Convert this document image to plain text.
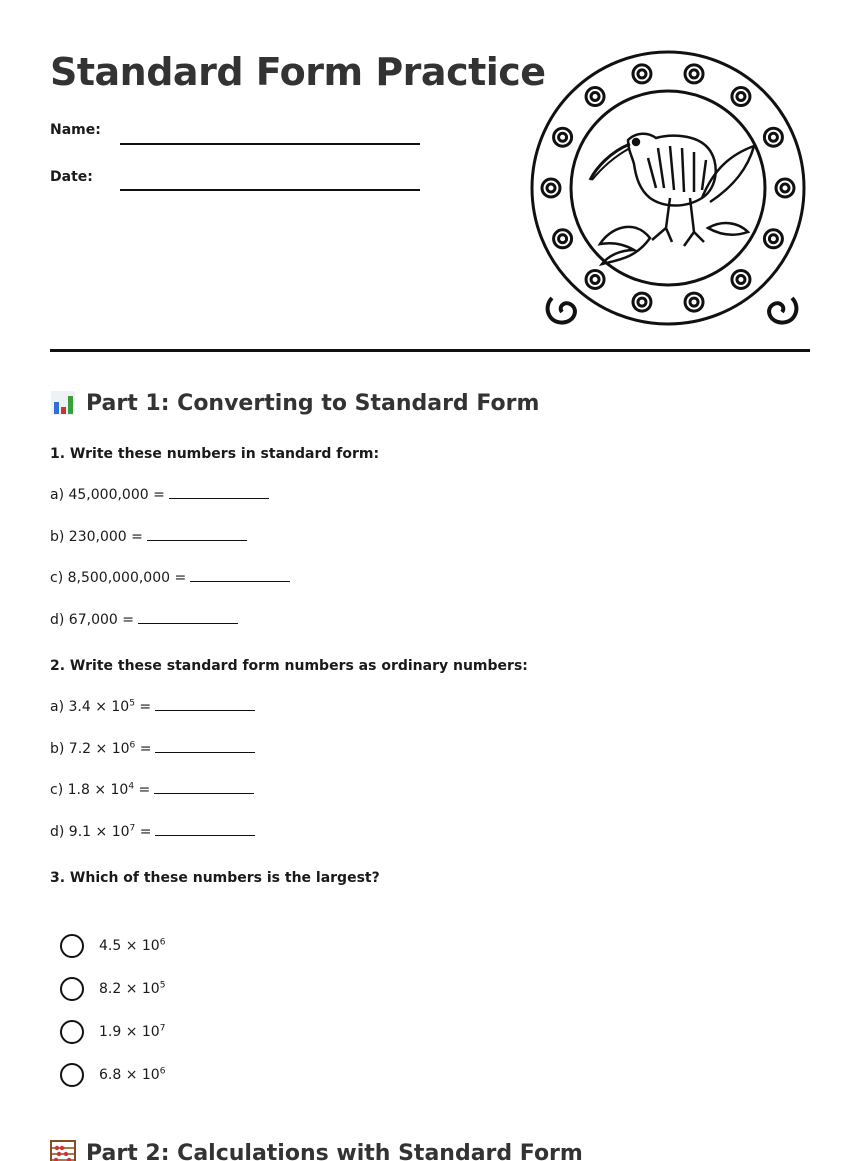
Standard Form Practice
Name:
Date:
Part 1: Converting to Standard Form
1. Write these numbers in standard form:
a) 45,000,000 =
b) 230,000 =
c) 8,500,000,000 =
d) 67,000 =
2. Write these standard form numbers as ordinary numbers:
a) $3.4 \times 10^5$ =
b) $7.2 \times 10^6$ =
c) $1.8 \times 10^4$ =
d) $9.1 \times 10^7$ =
3. Which of these numbers is the largest?
$4.5 \times 10^6$
$8.2 \times 10^5$
$1.9 \times 10^7$
$6.8 \times 10^6$
Part 2: Calculations with Standard Form
